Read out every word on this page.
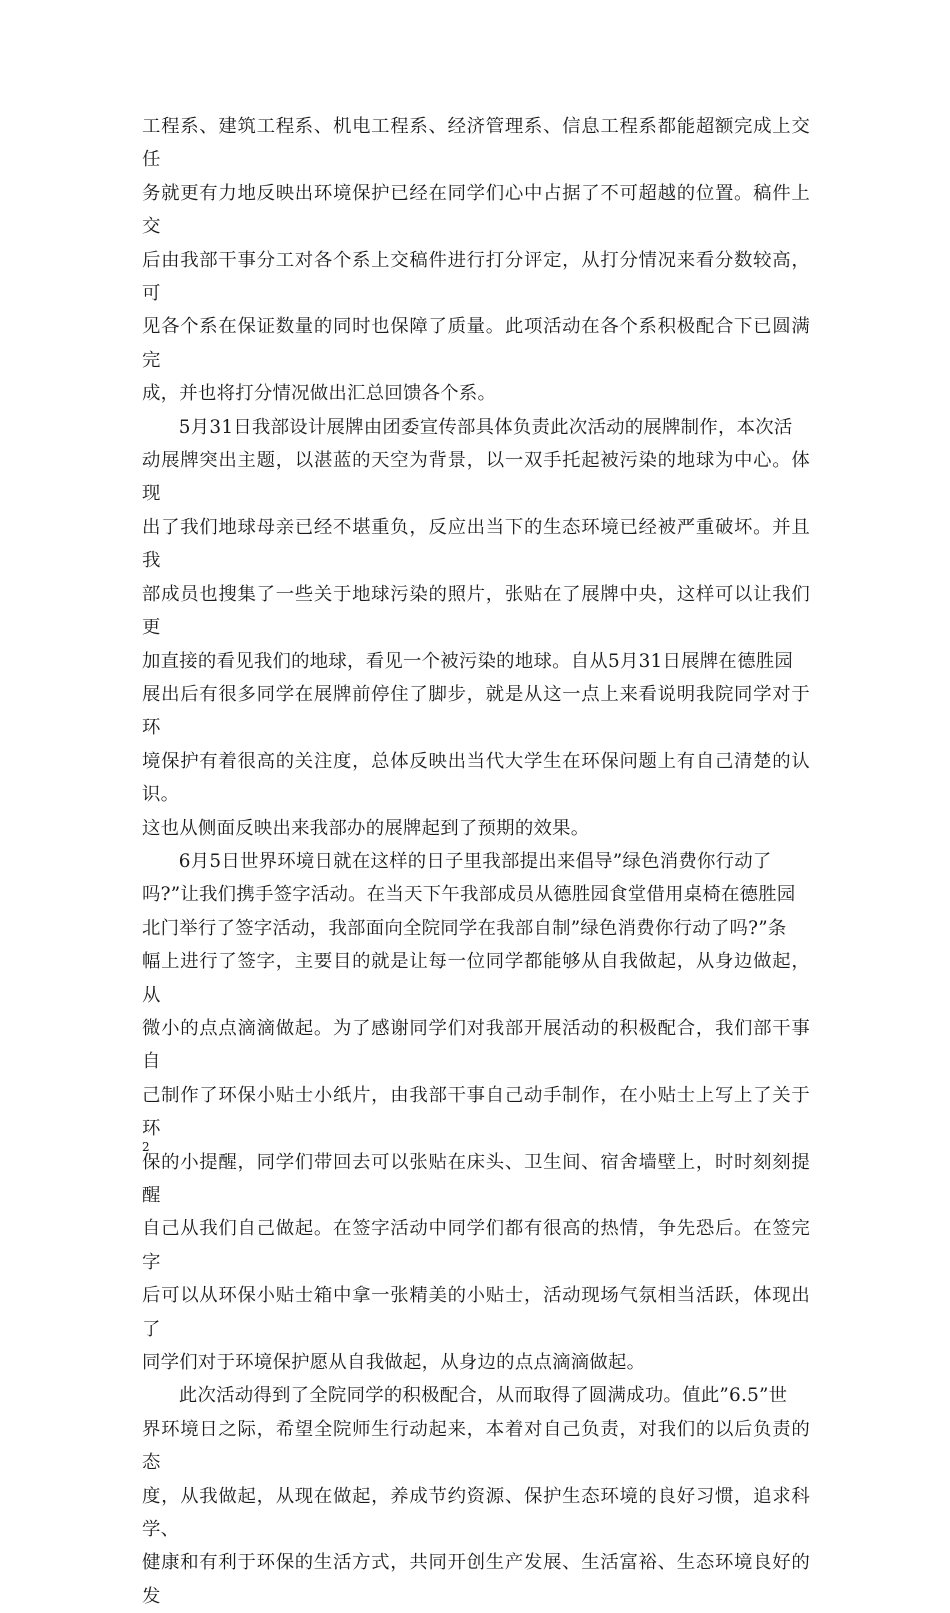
工程系、建筑工程系、机电工程系、经济管理系、信息工程系都能超额完成上交任
务就更有力地反映出环境保护已经在同学们心中占据了不可超越的位置。稿件上交
后由我部干事分工对各个系上交稿件进行打分评定，从打分情况来看分数较高，可
见各个系在保证数量的同时也保障了质量。此项活动在各个系积极配合下已圆满完
成，并也将打分情况做出汇总回馈各个系。

5月31日我部设计展牌由团委宣传部具体负责此次活动的展牌制作，本次活
动展牌突出主题，以湛蓝的天空为背景，以一双手托起被污染的地球为中心。体现
出了我们地球母亲已经不堪重负，反应出当下的生态环境已经被严重破坏。并且我
部成员也搜集了一些关于地球污染的照片，张贴在了展牌中央，这样可以让我们更
加直接的看见我们的地球，看见一个被污染的地球。自从5月31日展牌在德胜园
展出后有很多同学在展牌前停住了脚步，就是从这一点上来看说明我院同学对于环
境保护有着很高的关注度，总体反映出当代大学生在环保问题上有自己清楚的认识。
这也从侧面反映出来我部办的展牌起到了预期的效果。

6月5日世界环境日就在这样的日子里我部提出来倡导”绿色消费你行动了
吗?”让我们携手签字活动。在当天下午我部成员从德胜园食堂借用桌椅在德胜园
北门举行了签字活动，我部面向全院同学在我部自制”绿色消费你行动了吗?”条
幅上进行了签字，主要目的就是让每一位同学都能够从自我做起，从身边做起，从
微小的点点滴滴做起。为了感谢同学们对我部开展活动的积极配合，我们部干事自
己制作了环保小贴士小纸片，由我部干事自己动手制作，在小贴士上写上了关于环
保的小提醒，同学们带回去可以张贴在床头、卫生间、宿舍墙壁上，时时刻刻提醒
自己从我们自己做起。在签字活动中同学们都有很高的热情，争先恐后。在签完字
后可以从环保小贴士箱中拿一张精美的小贴士，活动现场气氛相当活跃，体现出了
同学们对于环境保护愿从自我做起，从身边的点点滴滴做起。

此次活动得到了全院同学的积极配合，从而取得了圆满成功。值此”6.5”世
界环境日之际，希望全院师生行动起来，本着对自己负责，对我们的以后负责的态
度，从我做起，从现在做起，养成节约资源、保护生态环境的良好习惯，追求科学、
健康和有利于环保的生活方式，共同开创生产发展、生活富裕、生态环境良好的发

2
